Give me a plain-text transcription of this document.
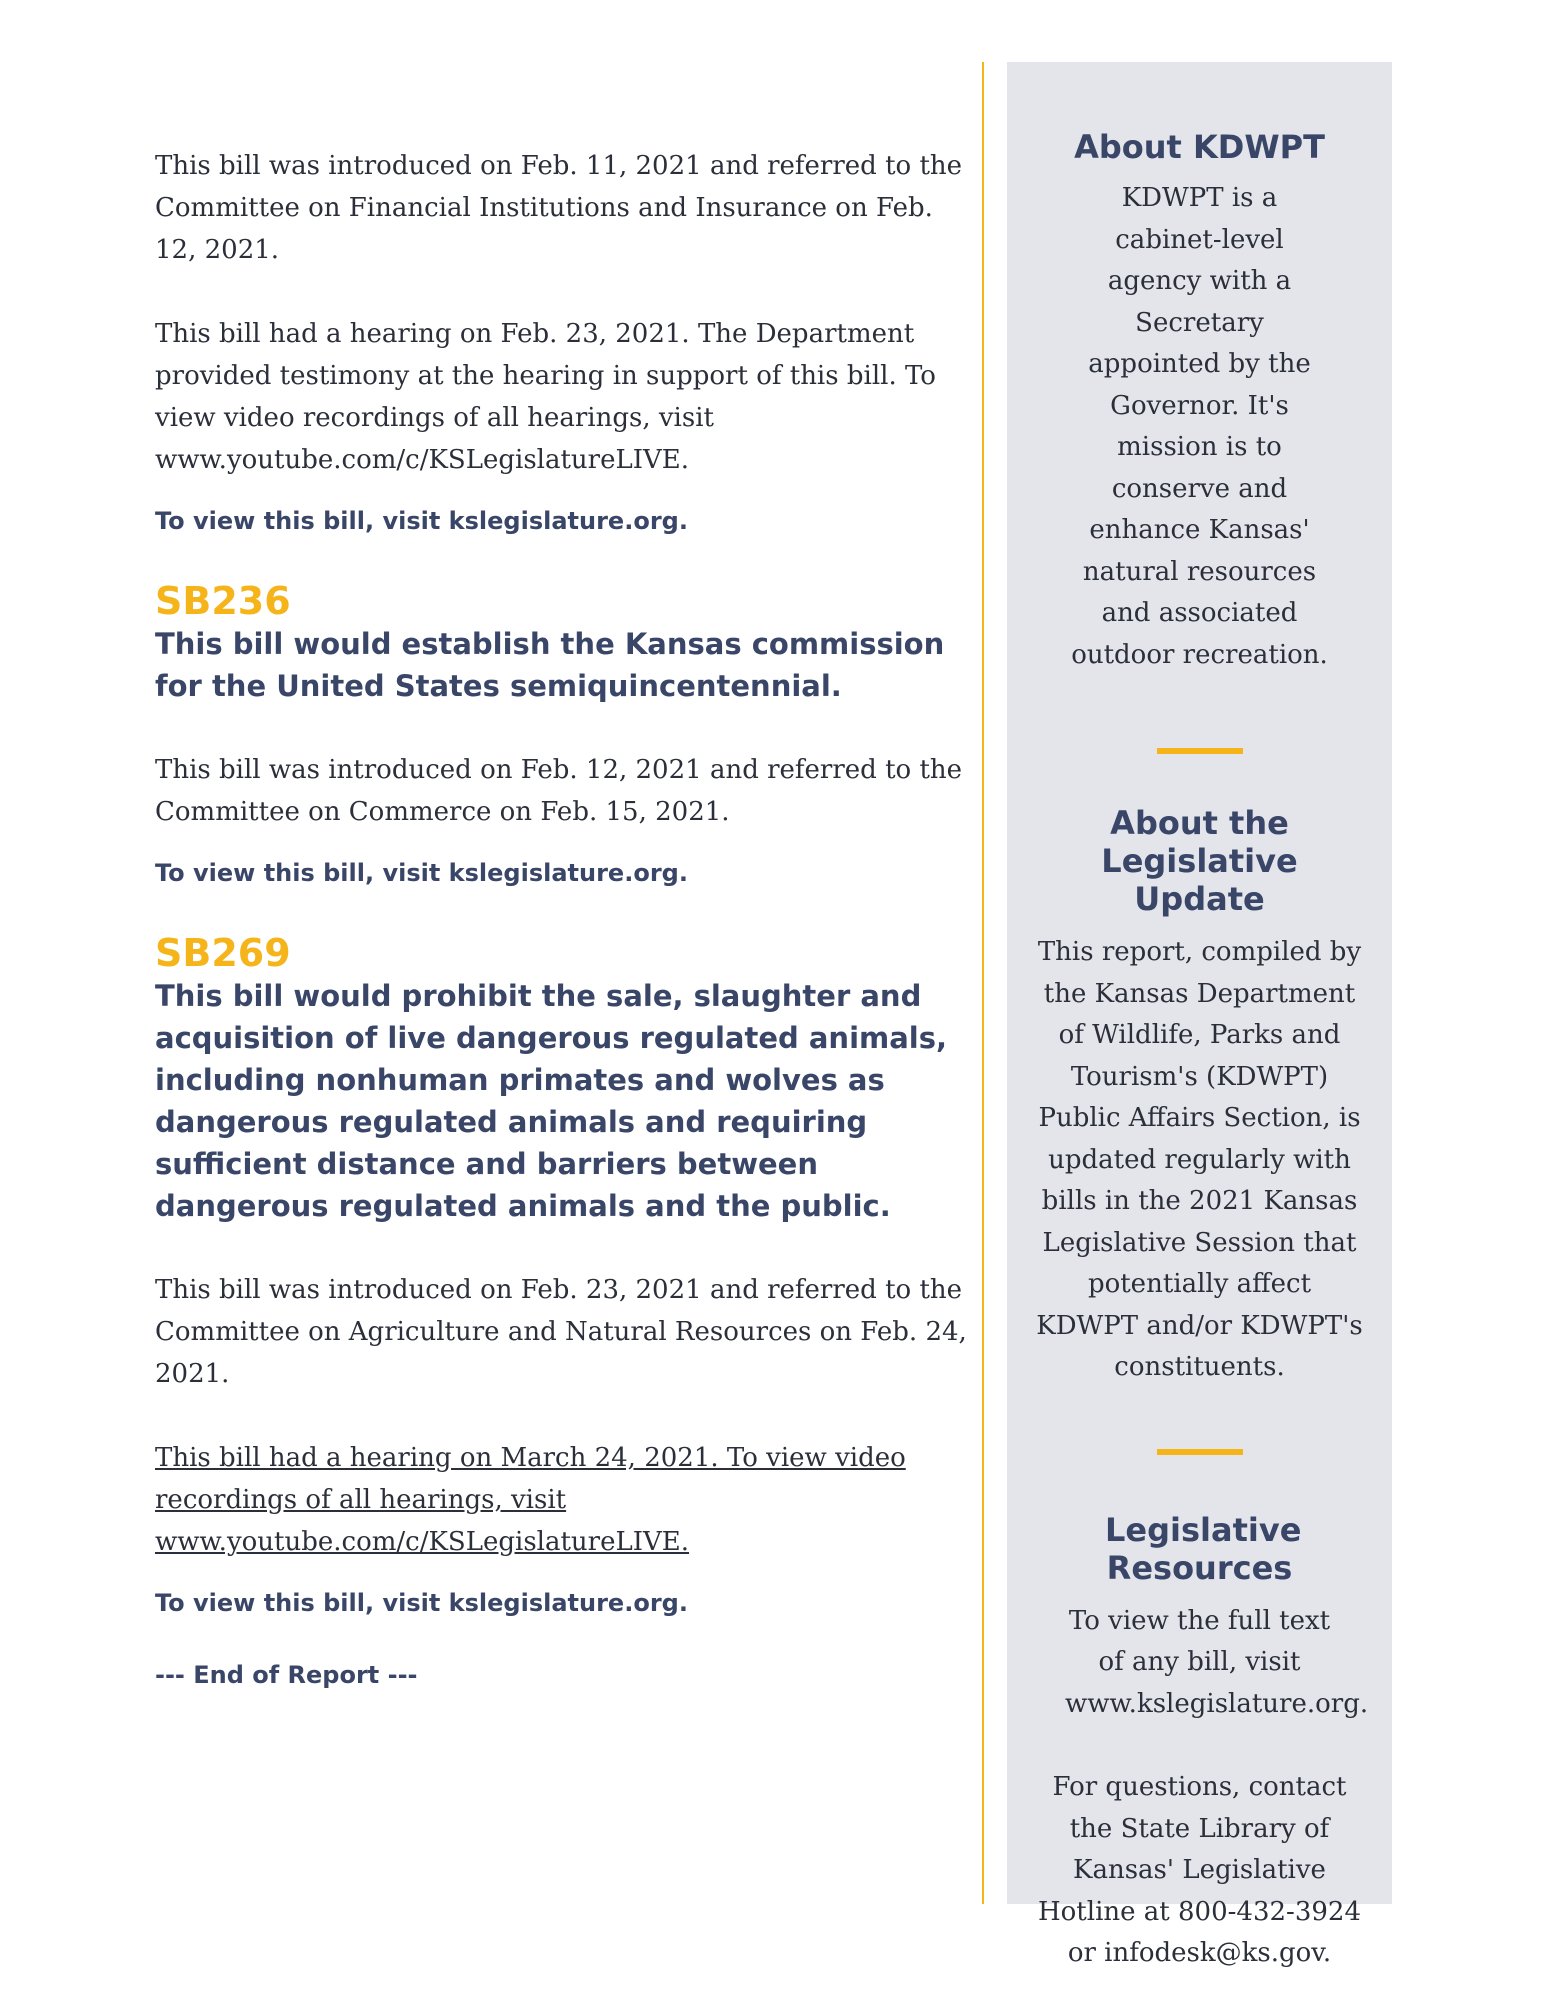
This bill was introduced on Feb. 11, 2021 and referred to the Committee on Financial Institutions and Insurance on Feb. 12, 2021.

This bill had a hearing on Feb. 23, 2021. The Department provided testimony at the hearing in support of this bill. To view video recordings of all hearings, visit www.youtube.com/c/KSLegislatureLIVE.

To view this bill, visit kslegislature.org.

SB236

This bill would establish the Kansas commission for the United States semiquincentennial.

This bill was introduced on Feb. 12, 2021 and referred to the Committee on Commerce on Feb. 15, 2021.

To view this bill, visit kslegislature.org.

SB269

This bill would prohibit the sale, slaughter and acquisition of live dangerous regulated animals, including nonhuman primates and wolves as dangerous regulated animals and requiring sufficient distance and barriers between dangerous regulated animals and the public.

This bill was introduced on Feb. 23, 2021 and referred to the Committee on Agriculture and Natural Resources on Feb. 24, 2021.

This bill had a hearing on March 24, 2021. To view video recordings of all hearings, visit www.youtube.com/c/KSLegislatureLIVE.

To view this bill, visit kslegislature.org.

--- End of Report ---

About KDWPT

KDWPT is a cabinet-level agency with a Secretary appointed by the Governor. It's mission is to conserve and enhance Kansas' natural resources and associated outdoor recreation.

About the Legislative Update

This report, compiled by the Kansas Department of Wildlife, Parks and Tourism's (KDWPT) Public Affairs Section, is updated regularly with bills in the 2021 Kansas Legislative Session that potentially affect KDWPT and/or KDWPT's constituents.

Legislative Resources

To view the full text of any bill, visit www.kslegislature.org.

For questions, contact the State Library of Kansas' Legislative Hotline at 800-432-3924 or infodesk@ks.gov.
